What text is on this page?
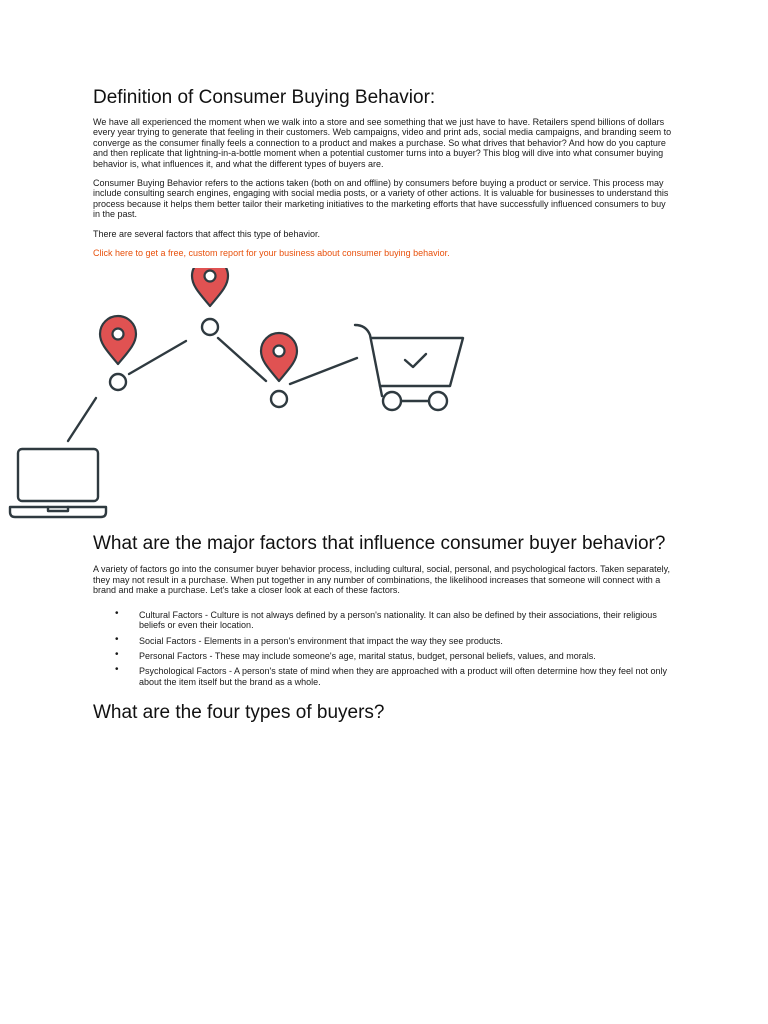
Definition of Consumer Buying Behavior:

We have all experienced the moment when we walk into a store and see something that we just have to have. Retailers spend billions of dollars every year trying to generate that feeling in their customers. Web campaigns, video and print ads, social media campaigns, and branding seem to converge as the consumer finally feels a connection to a product and makes a purchase. So what drives that behavior? And how do you capture and then replicate that lightning-in-a-bottle moment when a potential customer turns into a buyer? This blog will dive into what consumer buying behavior is, what influences it, and what the different types of buyers are.

Consumer Buying Behavior refers to the actions taken (both on and offline) by consumers before buying a product or service. This process may include consulting search engines, engaging with social media posts, or a variety of other actions. It is valuable for businesses to understand this process because it helps them better tailor their marketing initiatives to the marketing efforts that have successfully influenced consumers to buy in the past.

There are several factors that affect this type of behavior.

Click here to get a free, custom report for your business about consumer buying behavior.

What are the major factors that influence consumer buyer behavior?

A variety of factors go into the consumer buyer behavior process, including cultural, social, personal, and psychological factors. Taken separately, they may not result in a purchase. When put together in any number of combinations, the likelihood increases that someone will connect with a brand and make a purchase. Let's take a closer look at each of these factors.

• Cultural Factors - Culture is not always defined by a person's nationality. It can also be defined by their associations, their religious beliefs or even their location.
• Social Factors - Elements in a person's environment that impact the way they see products.
• Personal Factors - These may include someone's age, marital status, budget, personal beliefs, values, and morals.
• Psychological Factors - A person's state of mind when they are approached with a product will often determine how they feel not only about the item itself but the brand as a whole.
What are the four types of buyers?
